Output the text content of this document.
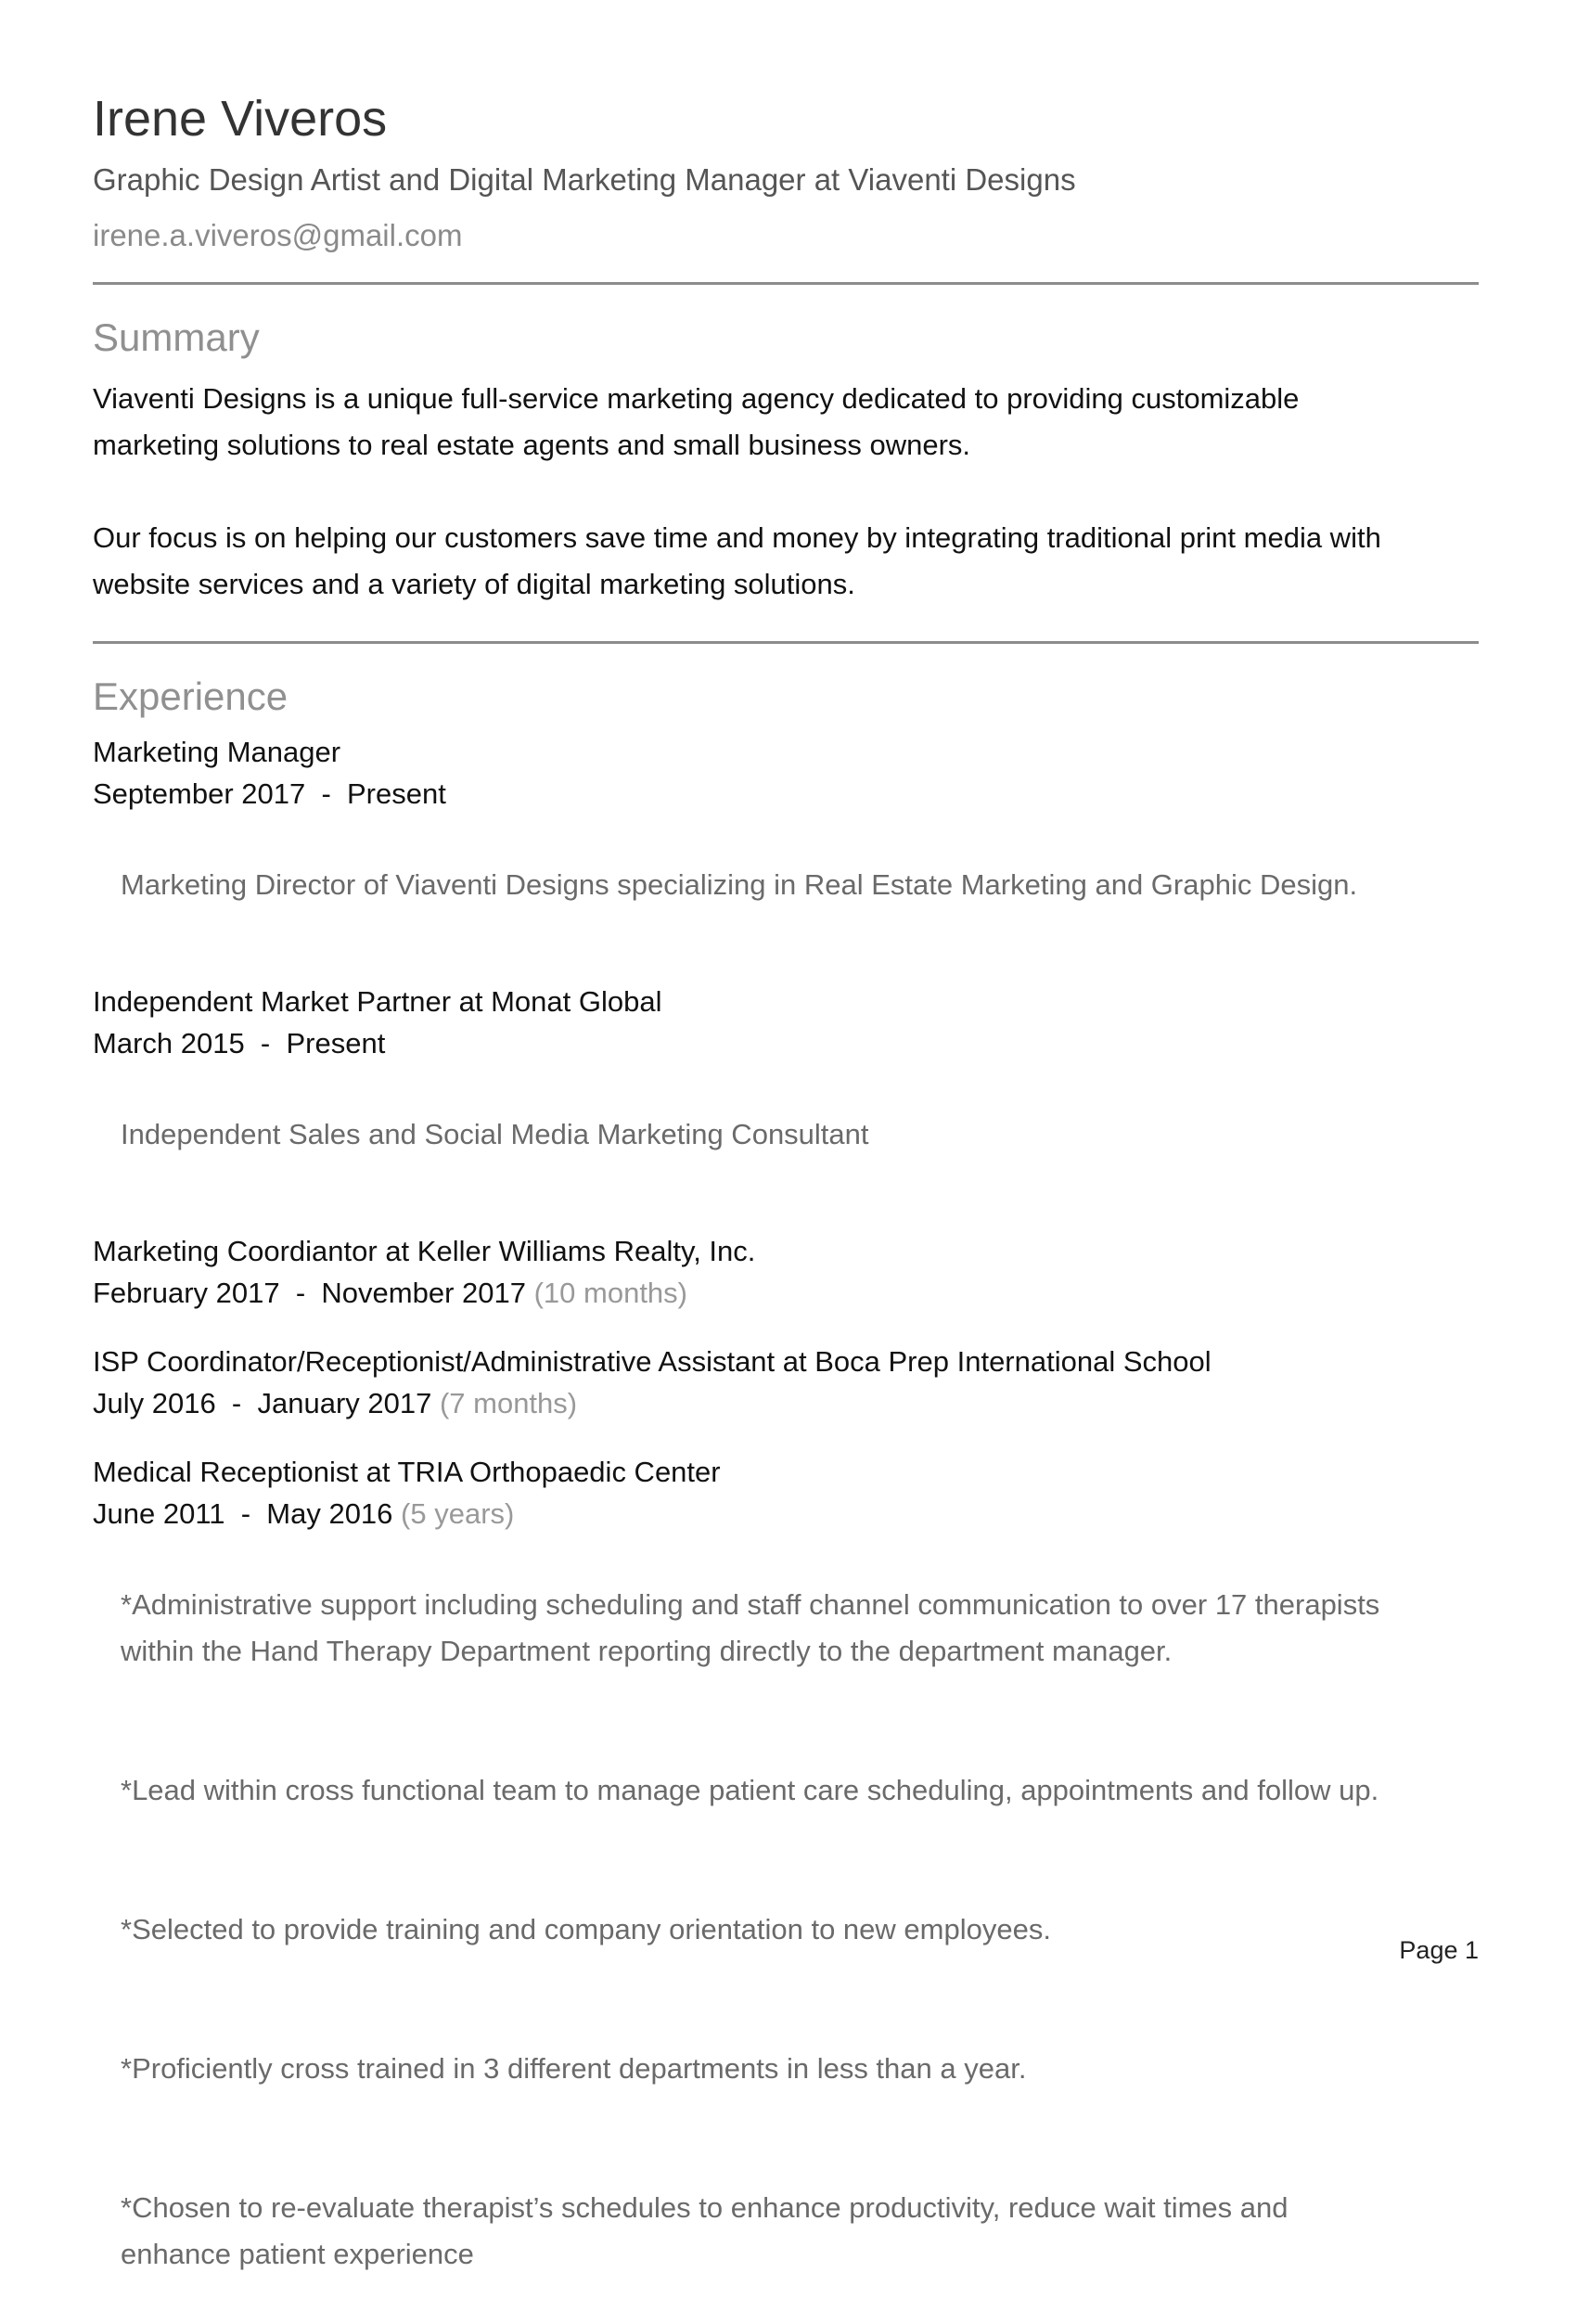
Irene Viveros
Graphic Design Artist and Digital Marketing Manager at Viaventi Designs
irene.a.viveros@gmail.com
Summary

Viaventi Designs is a unique full-service marketing agency dedicated to providing customizable
marketing solutions to real estate agents and small business owners.

Our focus is on helping our customers save time and money by integrating traditional print media with
website services and a variety of digital marketing solutions.

Experience
Marketing Manager
September 2017  -  Present

Marketing Director of Viaventi Designs specializing in Real Estate Marketing and Graphic Design.

Independent Market Partner at Monat Global
March 2015  -  Present

Independent Sales and Social Media Marketing Consultant

Marketing Coordiantor at Keller Williams Realty, Inc.
February 2017  -  November 2017 (10 months)
ISP Coordinator/Receptionist/Administrative Assistant at Boca Prep International School
July 2016  -  January 2017 (7 months)
Medical Receptionist at TRIA Orthopaedic Center
June 2011  -  May 2016 (5 years)

*Administrative support including scheduling and staff channel communication to over 17 therapists
within the Hand Therapy Department reporting directly to the department manager.

*Lead within cross functional team to manage patient care scheduling, appointments and follow up.

*Selected to provide training and company orientation to new employees.

*Proficiently cross trained in 3 different departments in less than a year.

*Chosen to re-evaluate therapist’s schedules to enhance productivity, reduce wait times and
enhance patient experience

Page 1
